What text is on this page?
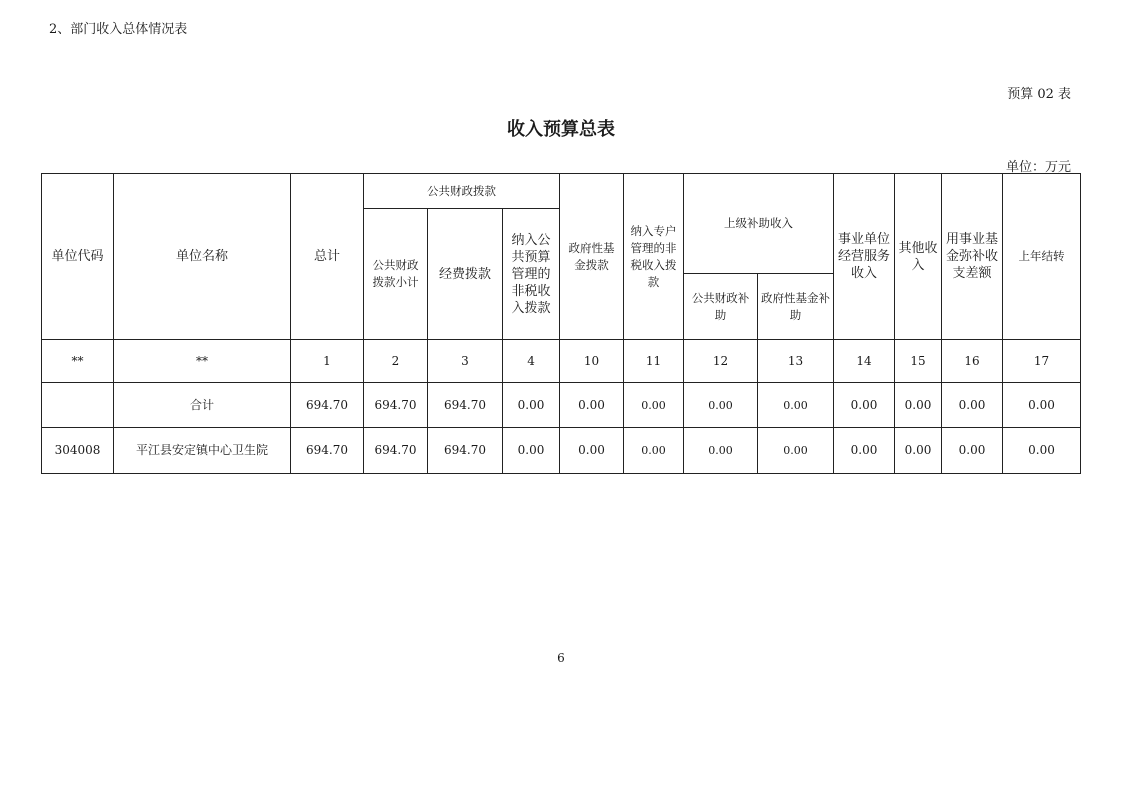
2、部门收入总体情况表
预算 02 表
收入预算总表
单位：万元
单位代码	单位名称	总计	公共财政拨款			政府性基金拨款	纳入专户管理的非税收入拨款	上级补助收入		事业单位经营服务收入	其他收入	用事业基金弥补收支差额	上年结转
			公共财政拨款小计	经费拨款	纳入公共预算管理的非税收入拨款								
								公共财政补助	政府性基金补助				
**	**	1	2	3	4	10	11	12	13	14	15	16	17
	合计	694.70	694.70	694.70	0.00	0.00	0.00	0.00	0.00	0.00	0.00	0.00	0.00
304008	平江县安定镇中心卫生院	694.70	694.70	694.70	0.00	0.00	0.00	0.00	0.00	0.00	0.00	0.00	0.00
6
